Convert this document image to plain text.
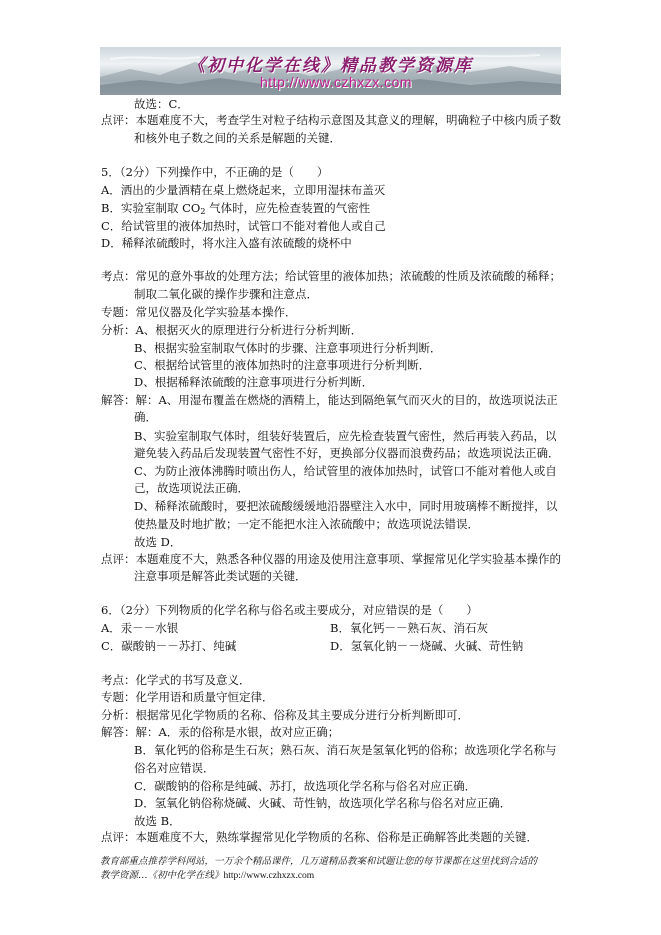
《初中化学在线》精品教学资源库
http://www.czhxzx.com
故选：C．
点评：本题难度不大，考查学生对粒子结构示意图及其意义的理解，明确粒子中核内质子数
和核外电子数之间的关系是解题的关键．
5．（2分）下列操作中，不正确的是（　　）
A．洒出的少量酒精在桌上燃烧起来，立即用湿抹布盖灭
B．实验室制取 $CO_2$ 气体时，应先检查装置的气密性
C．给试管里的液体加热时，试管口不能对着他人或自己
D．稀释浓硫酸时，将水注入盛有浓硫酸的烧杯中
考点：常见的意外事故的处理方法；给试管里的液体加热；浓硫酸的性质及浓硫酸的稀释；
制取二氧化碳的操作步骤和注意点．
专题：常见仪器及化学实验基本操作．
分析：A、根据灭火的原理进行分析进行分析判断．
B、根据实验室制取气体时的步骤、注意事项进行分析判断．
C、根据给试管里的液体加热时的注意事项进行分析判断．
D、根据稀释浓硫酸的注意事项进行分析判断．
解答：解：A、用湿布覆盖在燃烧的酒精上，能达到隔绝氧气而灭火的目的，故选项说法正
确．
B、实验室制取气体时，组装好装置后，应先检查装置气密性，然后再装入药品，以
避免装入药品后发现装置气密性不好，更换部分仪器而浪费药品；故选项说法正确．
C、为防止液体沸腾时喷出伤人，给试管里的液体加热时，试管口不能对着他人或自
己，故选项说法正确．
D、稀释浓硫酸时，要把浓硫酸缓缓地沿器壁注入水中，同时用玻璃棒不断搅拌，以
使热量及时地扩散；一定不能把水注入浓硫酸中；故选项说法错误．
故选 D．
点评：本题难度不大，熟悉各种仪器的用途及使用注意事项、掌握常见化学实验基本操作的
注意事项是解答此类试题的关键．
6．（2分）下列物质的化学名称与俗名或主要成分，对应错误的是（　　）
A．汞－－水银	B．氧化钙－－熟石灰、消石灰
C．碳酸钠－－苏打、纯碱	D．氢氧化钠－－烧碱、火碱、苛性钠
考点：化学式的书写及意义．
专题：化学用语和质量守恒定律．
分析：根据常见化学物质的名称、俗称及其主要成分进行分析判断即可．
解答：解：A．汞的俗称是水银，故对应正确；
B．氧化钙的俗称是生石灰；熟石灰、消石灰是氢氧化钙的俗称；故选项化学名称与
俗名对应错误．
C．碳酸钠的俗称是纯碱、苏打，故选项化学名称与俗名对应正确．
D．氢氧化钠俗称烧碱、火碱、苛性钠，故选项化学名称与俗名对应正确．
故选 B．
点评：本题难度不大，熟练掌握常见化学物质的名称、俗称是正确解答此类题的关键．
教育部重点推荐学科网站，一万余个精品课件，几万道精品教案和试题让您的每节课都在这里找到合适的
教学资源…《初中化学在线》http://www.czhxzx.com
